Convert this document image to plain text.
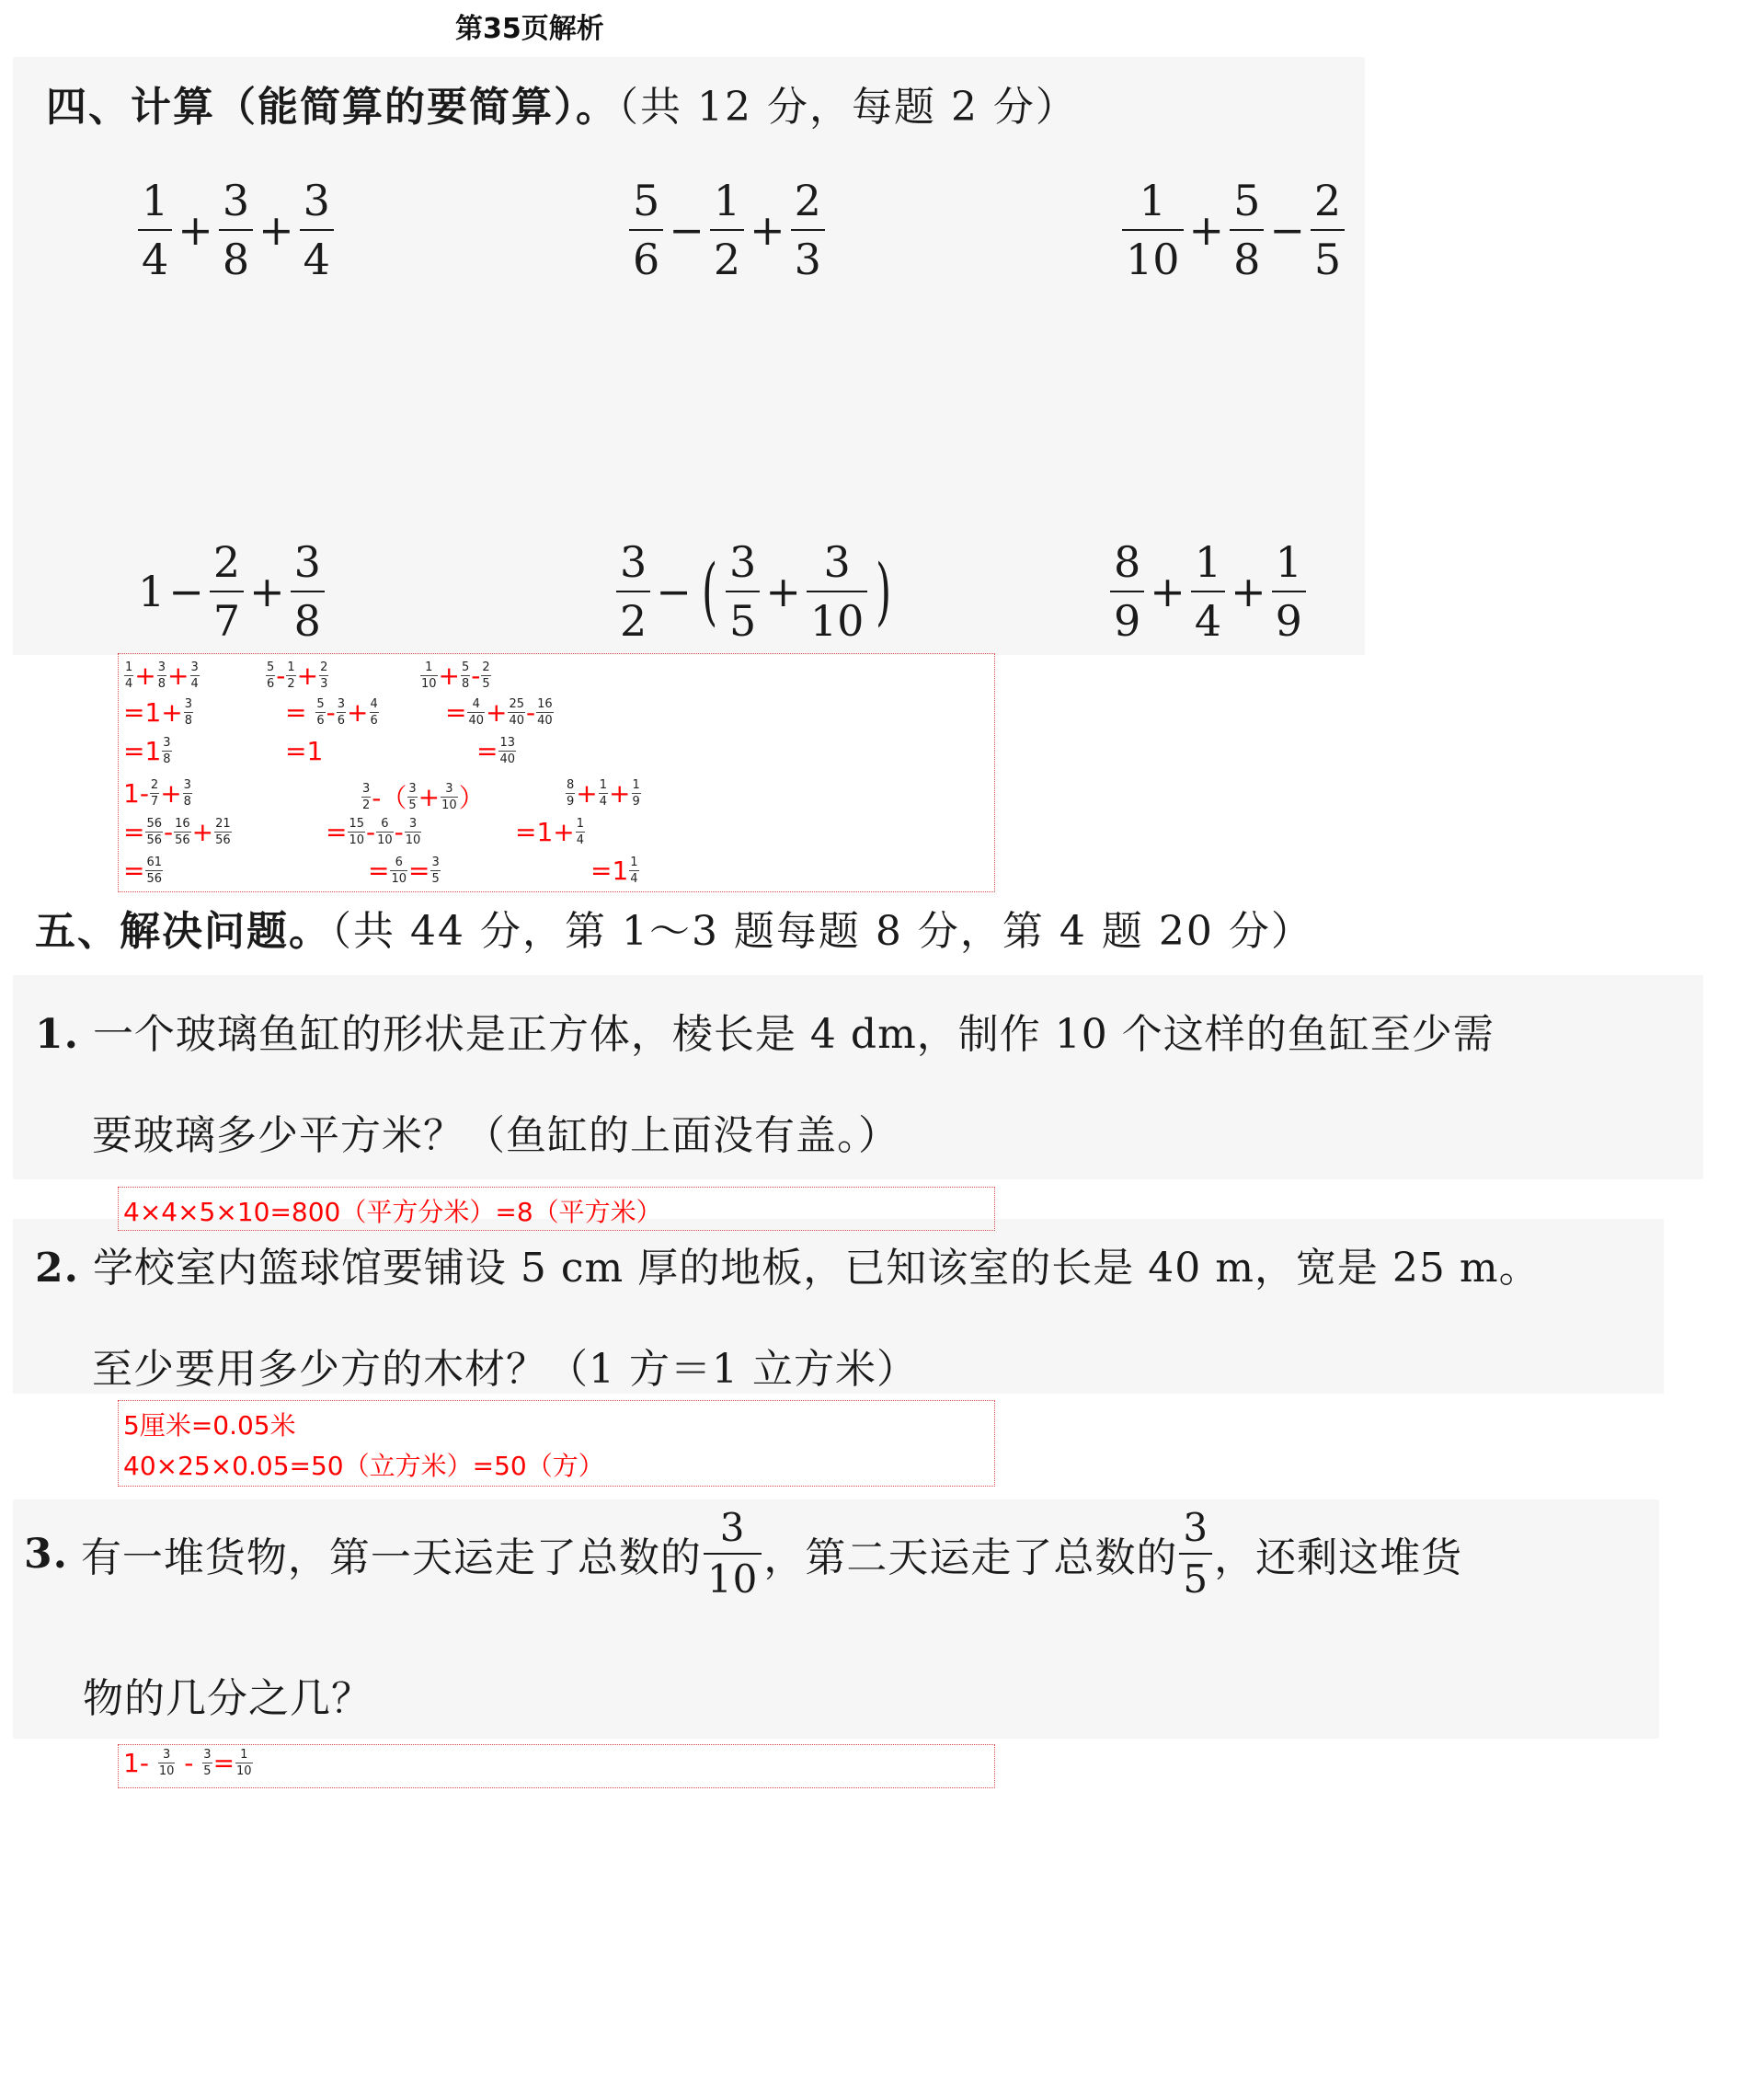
第35页解析
四、计算（能简算的要简算）。（共 12 分，每题 2 分）
$\frac{1}{4} + \frac{3}{8} + \frac{3}{4}$	$\frac{5}{6} - \frac{1}{2} + \frac{2}{3}$	$\frac{1}{10} + \frac{5}{8} - \frac{2}{5}$
$1 - \frac{2}{7} + \frac{3}{8}$	$\frac{3}{2}$ − ( $\frac{3}{5} + \frac{3}{10}$ )	$\frac{8}{9} + \frac{1}{4} + \frac{1}{9}$
$\frac{1}{4} + \frac{3}{8} + \frac{3}{4}$
$=1+ \frac{3}{8}$
$=1 \frac{3}{8}$
$\frac{5}{6} - \frac{1}{2} + \frac{2}{3}$
= $\frac{5}{6} - \frac{3}{6} + \frac{4}{6}$
=1
$\frac{1}{10} + \frac{5}{8} - \frac{2}{5}$
= $\frac{4}{40} + \frac{25}{40} - \frac{16}{40}$
= $\frac{13}{40}$
$1- \frac{2}{7} + \frac{3}{8}$
= $\frac{56}{56} - \frac{16}{56} + \frac{21}{56}$
= $\frac{61}{56}$
$\frac{3}{2}$ -（ $\frac{3}{5} + \frac{3}{10}$ ）
= $\frac{15}{10} - \frac{6}{10} - \frac{3}{10}$
= $\frac{6}{10} = \frac{3}{5}$
$\frac{8}{9} + \frac{1}{4} + \frac{1}{9}$
$=1+ \frac{1}{4}$
$=1 \frac{1}{4}$
五、解决问题。（共 44 分，第 1～3 题每题 8 分，第 4 题 20 分）
1. 一个玻璃鱼缸的形状是正方体，棱长是 4 dm，制作 10 个这样的鱼缸至少需
要玻璃多少平方米？（鱼缸的上面没有盖。）
4×4×5×10=800（平方分米）=8（平方米）
2. 学校室内篮球馆要铺设 5 cm 厚的地板，已知该室的长是 40 m，宽是 25 m。
至少要用多少方的木材？（1 方＝1 立方米）
5厘米=0.05米
40×25×0.05=50（立方米）=50（方）
3. 有一堆货物，第一天运走了总数的 $\frac{3}{10}$ ，第二天运走了总数的 $\frac{3}{5}$ ，还剩这堆货
物的几分之几？
$1- \frac{3}{10} - \frac{3}{5} = \frac{1}{10}$
